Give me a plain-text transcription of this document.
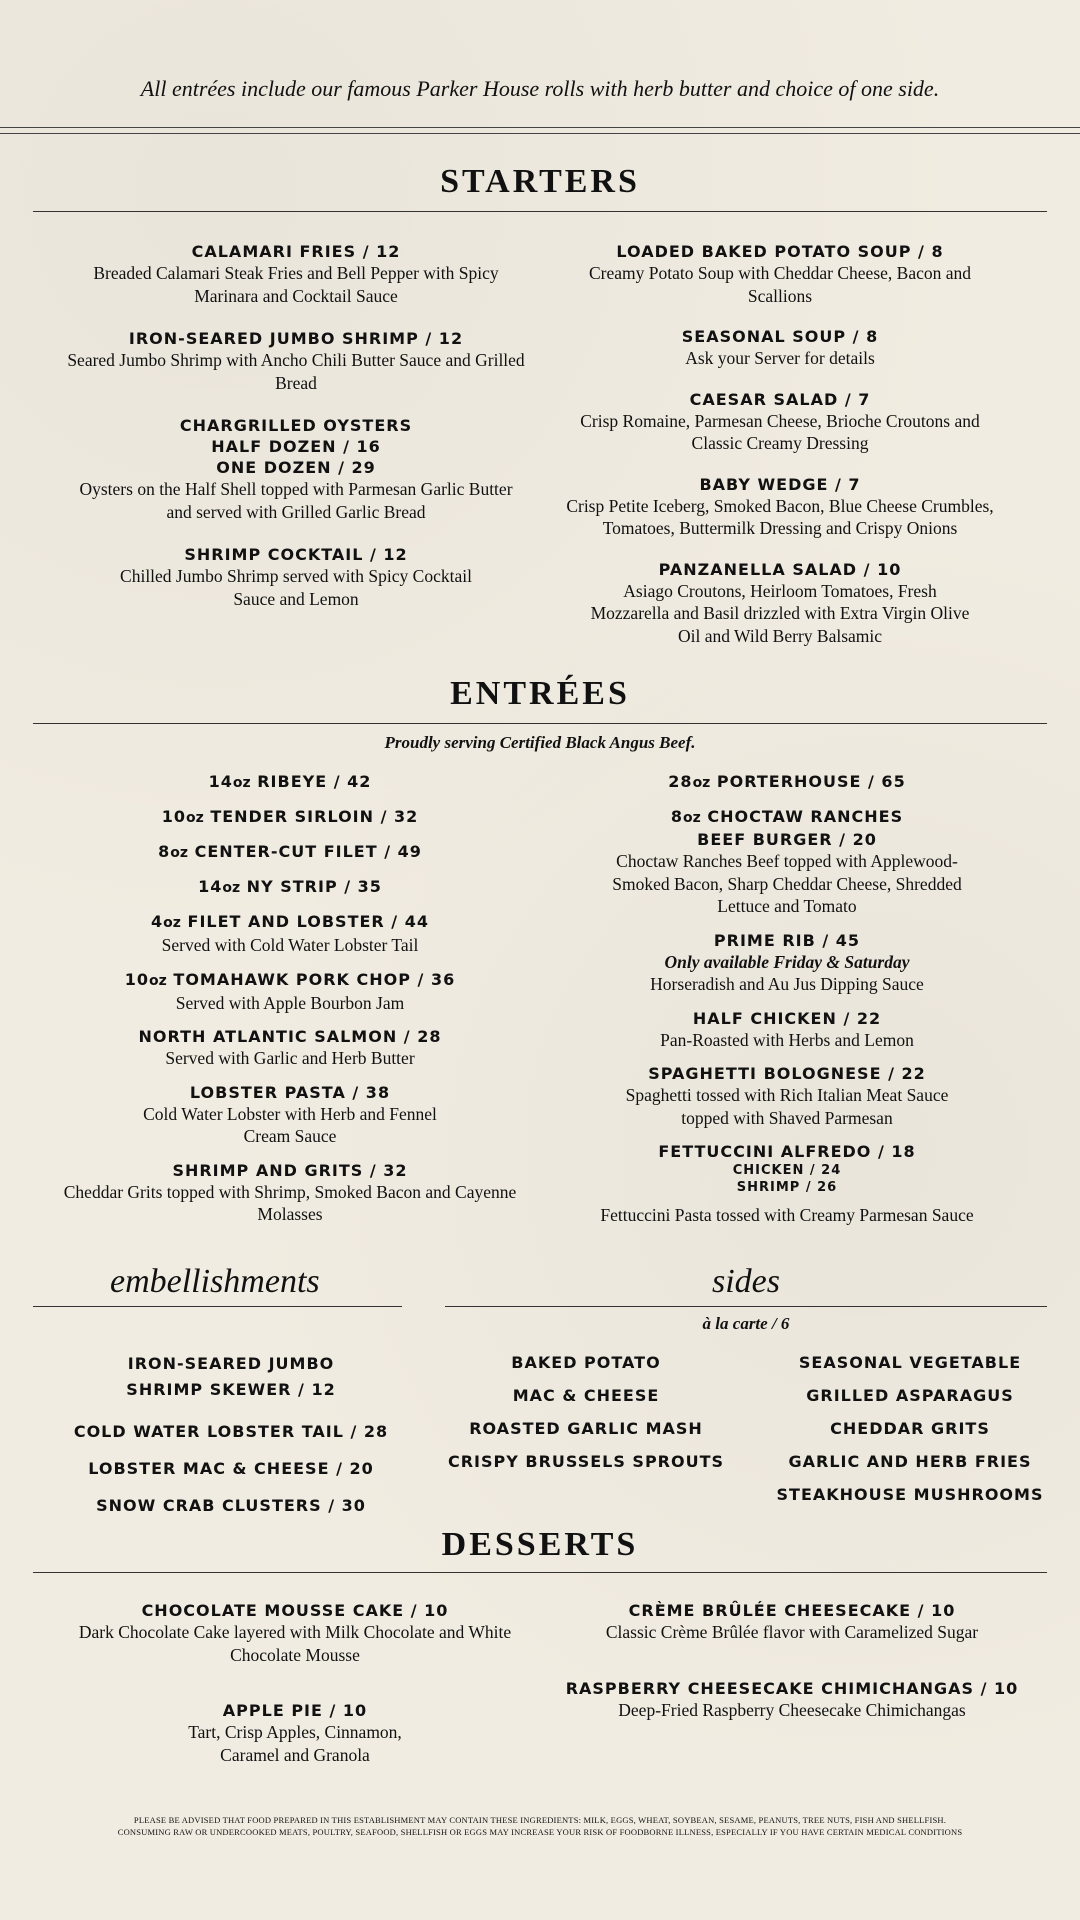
All entrées include our famous Parker House rolls with herb butter and choice of one side.
STARTERS
CALAMARI FRIES / 12
Breaded Calamari Steak Fries and Bell Pepper with Spicy Marinara and Cocktail Sauce
IRON-SEARED JUMBO SHRIMP / 12
Seared Jumbo Shrimp with Ancho Chili Butter Sauce and Grilled Bread
CHARGRILLED OYSTERS
HALF DOZEN / 16
ONE DOZEN / 29
Oysters on the Half Shell topped with Parmesan Garlic Butter and served with Grilled Garlic Bread
SHRIMP COCKTAIL / 12
Chilled Jumbo Shrimp served with Spicy Cocktail Sauce and Lemon
LOADED BAKED POTATO SOUP / 8
Creamy Potato Soup with Cheddar Cheese, Bacon and Scallions
SEASONAL SOUP / 8
Ask your Server for details
CAESAR SALAD / 7
Crisp Romaine, Parmesan Cheese, Brioche Croutons and Classic Creamy Dressing
BABY WEDGE / 7
Crisp Petite Iceberg, Smoked Bacon, Blue Cheese Crumbles, Tomatoes, Buttermilk Dressing and Crispy Onions
PANZANELLA SALAD / 10
Asiago Croutons, Heirloom Tomatoes, Fresh Mozzarella and Basil drizzled with Extra Virgin Olive Oil and Wild Berry Balsamic
ENTRÉES
Proudly serving Certified Black Angus Beef.
14oz RIBEYE / 42
10oz TENDER SIRLOIN / 32
8oz CENTER-CUT FILET / 49
14oz NY STRIP / 35
4oz FILET AND LOBSTER / 44
Served with Cold Water Lobster Tail
10oz TOMAHAWK PORK CHOP / 36
Served with Apple Bourbon Jam
NORTH ATLANTIC SALMON / 28
Served with Garlic and Herb Butter
LOBSTER PASTA / 38
Cold Water Lobster with Herb and Fennel Cream Sauce
SHRIMP AND GRITS / 32
Cheddar Grits topped with Shrimp, Smoked Bacon and Cayenne Molasses
28oz PORTERHOUSE / 65
8oz CHOCTAW RANCHES
BEEF BURGER / 20
Choctaw Ranches Beef topped with Applewood-Smoked Bacon, Sharp Cheddar Cheese, Shredded Lettuce and Tomato
PRIME RIB / 45
Only available Friday & Saturday
Horseradish and Au Jus Dipping Sauce
HALF CHICKEN / 22
Pan-Roasted with Herbs and Lemon
SPAGHETTI BOLOGNESE / 22
Spaghetti tossed with Rich Italian Meat Sauce topped with Shaved Parmesan
FETTUCCINI ALFREDO / 18
CHICKEN / 24
SHRIMP / 26
Fettuccini Pasta tossed with Creamy Parmesan Sauce
embellishments
IRON-SEARED JUMBO SHRIMP SKEWER / 12
COLD WATER LOBSTER TAIL / 28
LOBSTER MAC & CHEESE / 20
SNOW CRAB CLUSTERS / 30
sides
à la carte / 6
BAKED POTATO
MAC & CHEESE
ROASTED GARLIC MASH
CRISPY BRUSSELS SPROUTS
SEASONAL VEGETABLE
GRILLED ASPARAGUS
CHEDDAR GRITS
GARLIC AND HERB FRIES
STEAKHOUSE MUSHROOMS
DESSERTS
CHOCOLATE MOUSSE CAKE / 10
Dark Chocolate Cake layered with Milk Chocolate and White Chocolate Mousse
APPLE PIE / 10
Tart, Crisp Apples, Cinnamon, Caramel and Granola
CRÈME BRÛLÉE CHEESECAKE / 10
Classic Crème Brûlée flavor with Caramelized Sugar
RASPBERRY CHEESECAKE CHIMICHANGAS / 10
Deep-Fried Raspberry Cheesecake Chimichangas
PLEASE BE ADVISED THAT FOOD PREPARED IN THIS ESTABLISHMENT MAY CONTAIN THESE INGREDIENTS: MILK, EGGS, WHEAT, SOYBEAN, SESAME, PEANUTS, TREE NUTS, FISH AND SHELLFISH.
CONSUMING RAW OR UNDERCOOKED MEATS, POULTRY, SEAFOOD, SHELLFISH OR EGGS MAY INCREASE YOUR RISK OF FOODBORNE ILLNESS, ESPECIALLY IF YOU HAVE CERTAIN MEDICAL CONDITIONS
